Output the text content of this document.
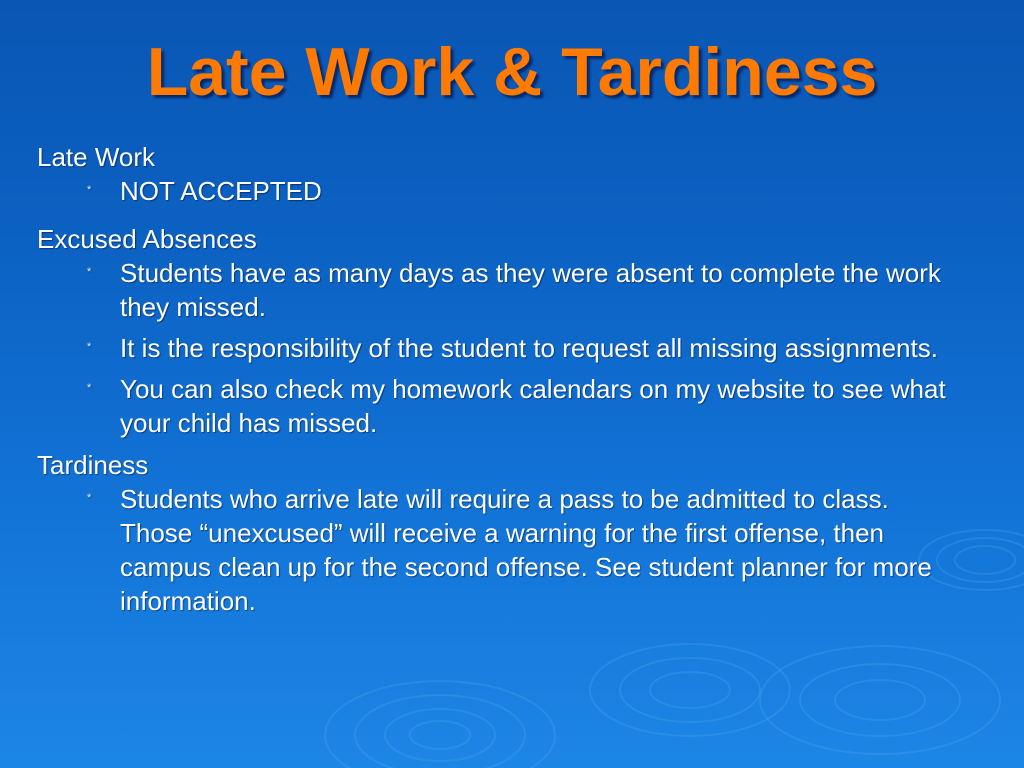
Late Work & Tardiness
Late Work
* NOT ACCEPTED
Excused Absences
* Students have as many days as they were absent to complete the work they missed.
* It is the responsibility of the student to request all missing assignments.
* You can also check my homework calendars on my website to see what your child has missed.
Tardiness
* Students who arrive late will require a pass to be admitted to class. Those “unexcused” will receive a warning for the first offense, then campus clean up for the second offense. See student planner for more information.
